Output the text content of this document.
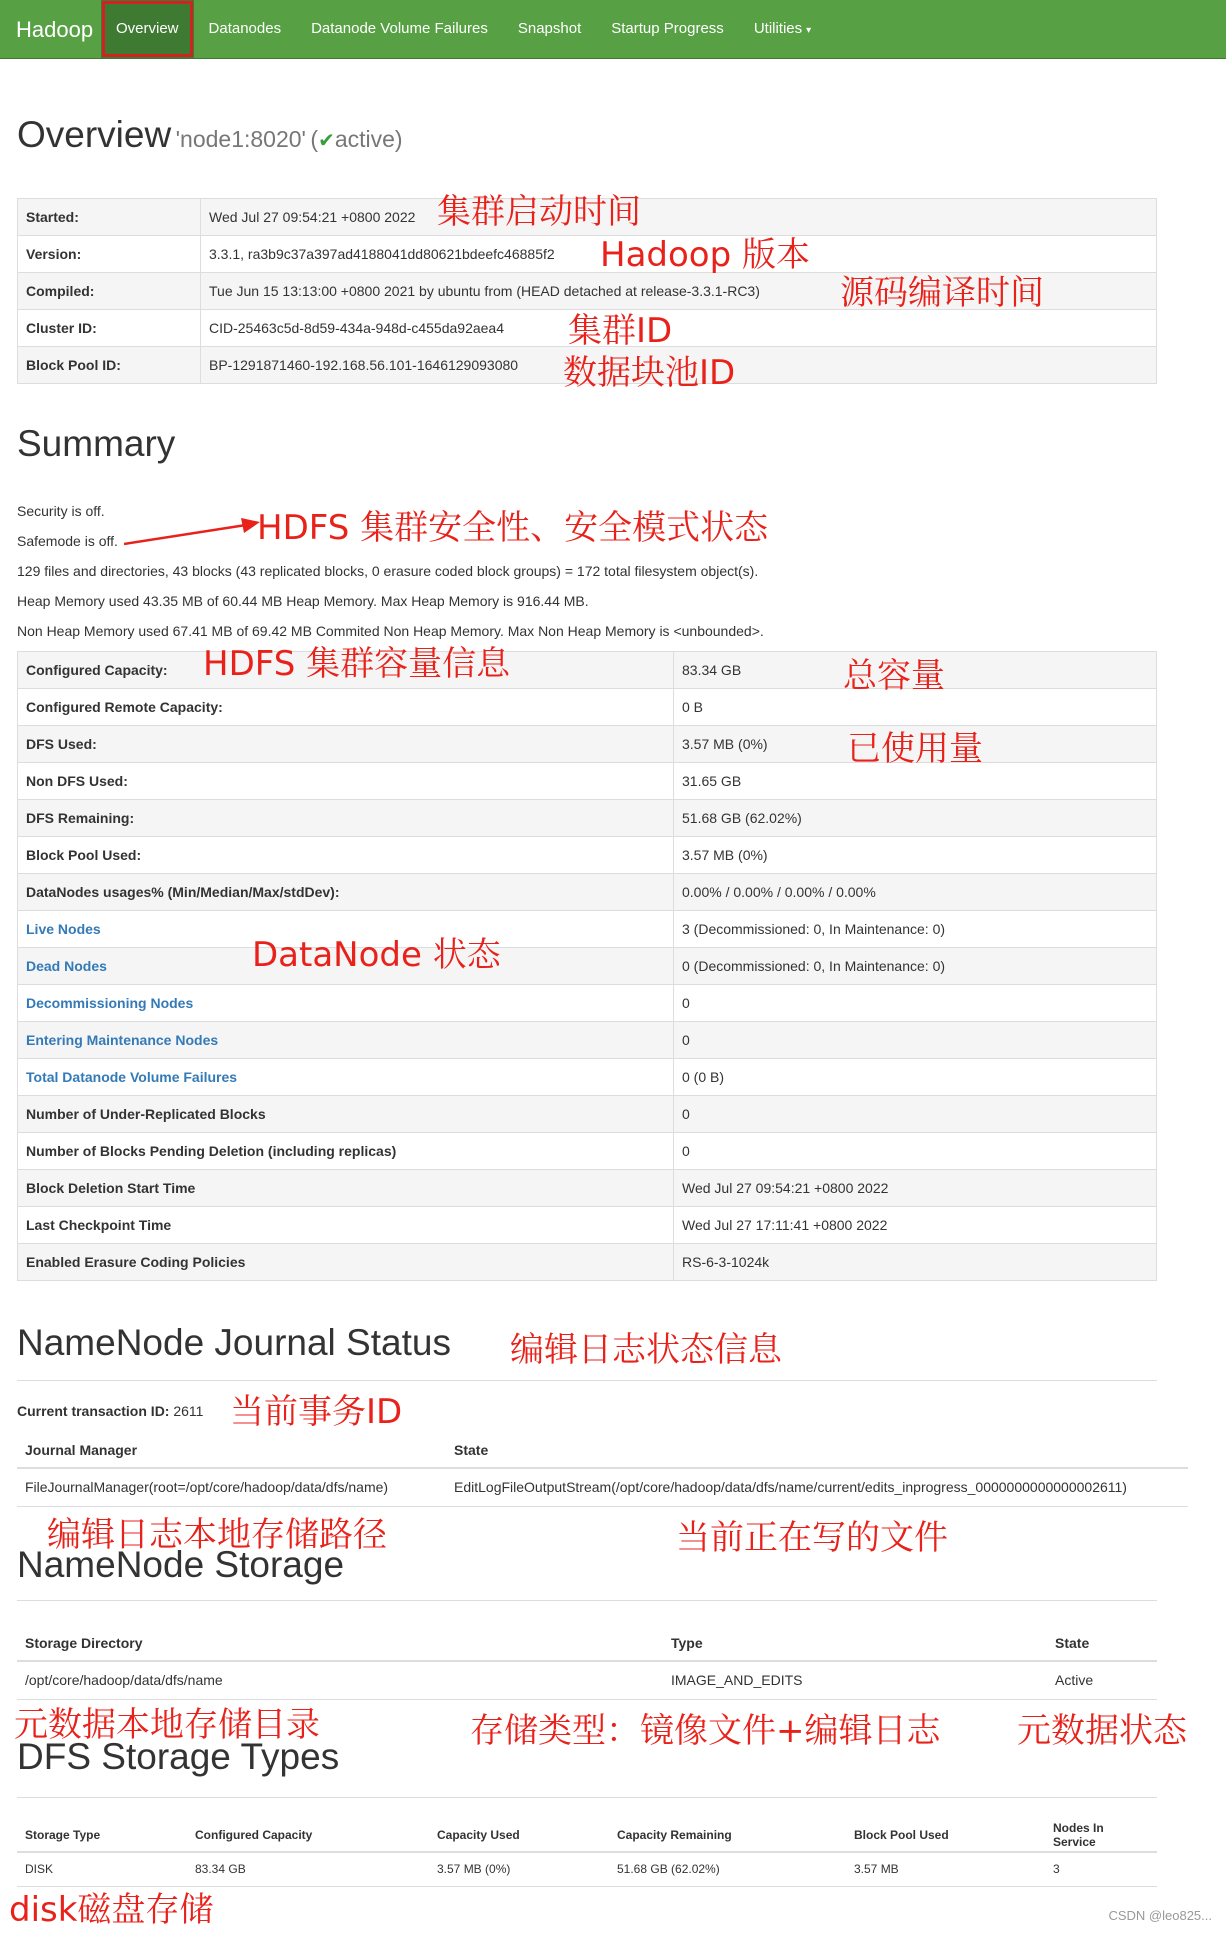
Hadoop	Overview	Datanodes	Datanode Volume Failures	Snapshot	Startup Progress	Utilities ▾
Overview 'node1:8020' (✔active)
Started:	Wed Jul 27 09:54:21 +0800 2022
Version:	3.3.1, ra3b9c37a397ad4188041dd80621bdeefc46885f2
Compiled:	Tue Jun 15 13:13:00 +0800 2021 by ubuntu from (HEAD detached at release-3.3.1-RC3)
Cluster ID:	CID-25463c5d-8d59-434a-948d-c455da92aea4
Block Pool ID:	BP-1291871460-192.168.56.101-1646129093080
Summary
Security is off.
Safemode is off.
129 files and directories, 43 blocks (43 replicated blocks, 0 erasure coded block groups) = 172 total filesystem object(s).
Heap Memory used 43.35 MB of 60.44 MB Heap Memory. Max Heap Memory is 916.44 MB.
Non Heap Memory used 67.41 MB of 69.42 MB Commited Non Heap Memory. Max Non Heap Memory is <unbounded>.
Configured Capacity:	83.34 GB
Configured Remote Capacity:	0 B
DFS Used:	3.57 MB (0%)
Non DFS Used:	31.65 GB
DFS Remaining:	51.68 GB (62.02%)
Block Pool Used:	3.57 MB (0%)
DataNodes usages% (Min/Median/Max/stdDev):	0.00% / 0.00% / 0.00% / 0.00%
Live Nodes	3 (Decommissioned: 0, In Maintenance: 0)
Dead Nodes	0 (Decommissioned: 0, In Maintenance: 0)
Decommissioning Nodes	0
Entering Maintenance Nodes	0
Total Datanode Volume Failures	0 (0 B)
Number of Under-Replicated Blocks	0
Number of Blocks Pending Deletion (including replicas)	0
Block Deletion Start Time	Wed Jul 27 09:54:21 +0800 2022
Last Checkpoint Time	Wed Jul 27 17:11:41 +0800 2022
Enabled Erasure Coding Policies	RS-6-3-1024k
NameNode Journal Status
Current transaction ID: 2611
Journal Manager	State
FileJournalManager(root=/opt/core/hadoop/data/dfs/name)	EditLogFileOutputStream(/opt/core/hadoop/data/dfs/name/current/edits_inprogress_0000000000000002611)
NameNode Storage
Storage Directory	Type	State
/opt/core/hadoop/data/dfs/name	IMAGE_AND_EDITS	Active
DFS Storage Types
Storage Type	Configured Capacity	Capacity Used	Capacity Remaining	Block Pool Used	Nodes In Service
DISK	83.34 GB	3.57 MB (0%)	51.68 GB (62.02%)	3.57 MB	3
集群启动时间
Hadoop 版本
源码编译时间
集群ID
数据块池ID
HDFS 集群安全性、安全模式状态
HDFS 集群容量信息	总容量
已使用量
DataNode 状态
编辑日志状态信息
当前事务ID
编辑日志本地存储路径	当前正在写的文件
元数据本地存储目录	存储类型：镜像文件+编辑日志 元数据状态
disk磁盘存储	CSDN @leo825...
